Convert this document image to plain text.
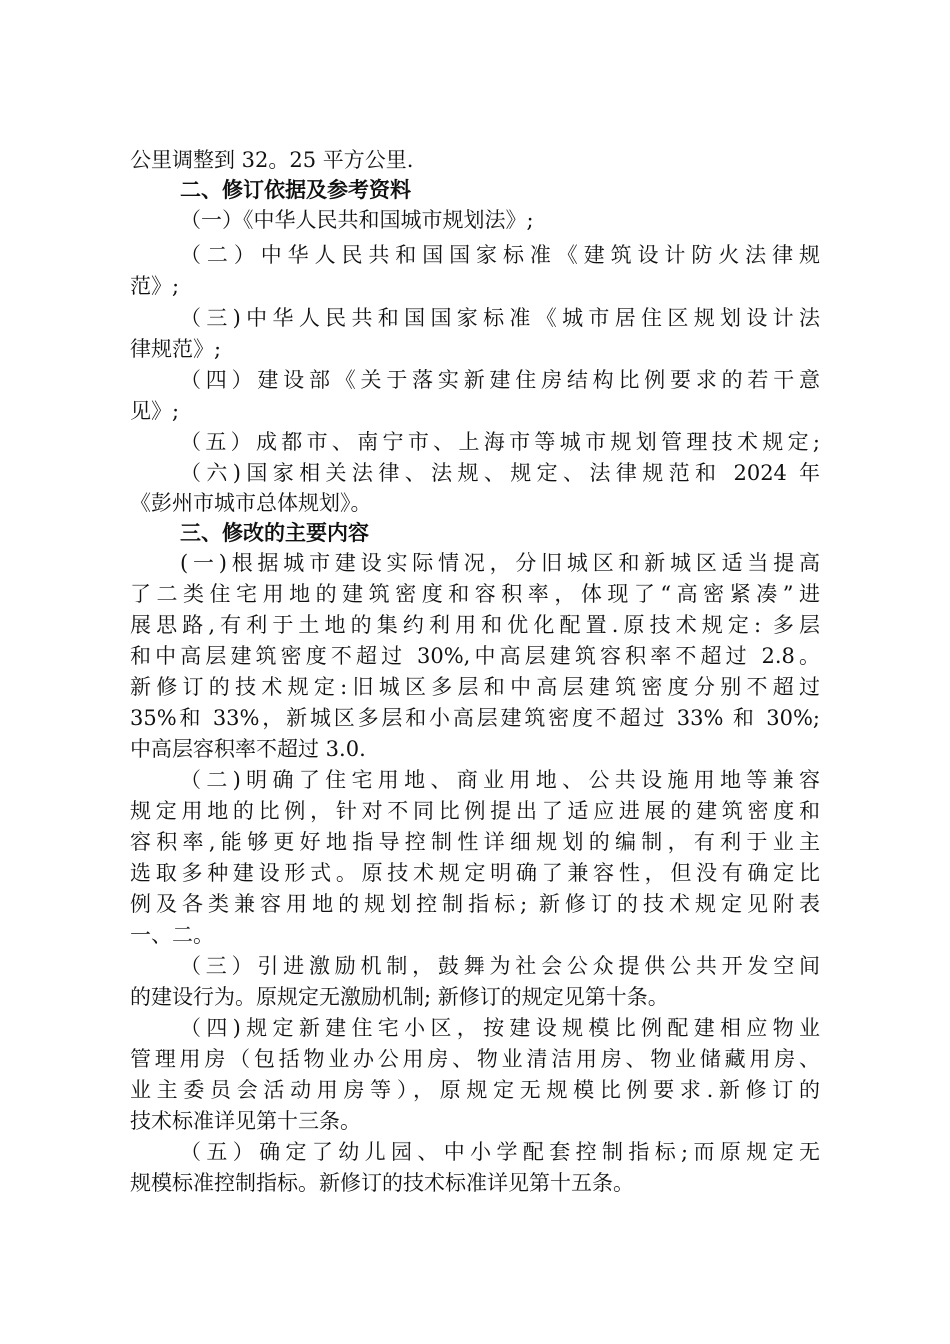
公里调整到 32。25 平方公里.
二、修订依据及参考资料
（一）《中华人民共和国城市规划法》;
（二）中华人民共和国国家标准《建筑设计防火法律规
范》;
（三)中华人民共和国国家标准《城市居住区规划设计法
律规范》;
（四）建设部《关于落实新建住房结构比例要求的若干意
见》;
（五）成都市、南宁市、上海市等城市规划管理技术规定;
（六)国家相关法律、法规、规定、法律规范和 2024 年
《彭州市城市总体规划》。
三、修改的主要内容
(一)根据城市建设实际情况，分旧城区和新城区适当提高
了二类住宅用地的建筑密度和容积率，体现了“高密紧凑”进
展思路,有利于土地的集约利用和优化配置.原技术规定: 多层
和中高层建筑密度不超过 30%,中高层建筑容积率不超过 2.8。
新修订的技术规定:旧城区多层和中高层建筑密度分别不超过
35%和 33%，新城区多层和小高层建筑密度不超过 33% 和 30%;
中高层容积率不超过 3.0.
（二)明确了住宅用地、商业用地、公共设施用地等兼容
规定用地的比例，针对不同比例提出了适应进展的建筑密度和
容积率,能够更好地指导控制性详细规划的编制，有利于业主
选取多种建设形式。原技术规定明确了兼容性，但没有确定比
例及各类兼容用地的规划控制指标; 新修订的技术规定见附表
一、二。
（三）引进激励机制，鼓舞为社会公众提供公共开发空间
的建设行为。原规定无激励机制; 新修订的规定见第十条。
（四)规定新建住宅小区，按建设规模比例配建相应物业
管理用房（包括物业办公用房、物业清洁用房、物业储藏用房、
业主委员会活动用房等），原规定无规模比例要求.新修订的
技术标准详见第十三条。
（五）确定了幼儿园、中小学配套控制指标;而原规定无
规模标准控制指标。新修订的技术标准详见第十五条。
